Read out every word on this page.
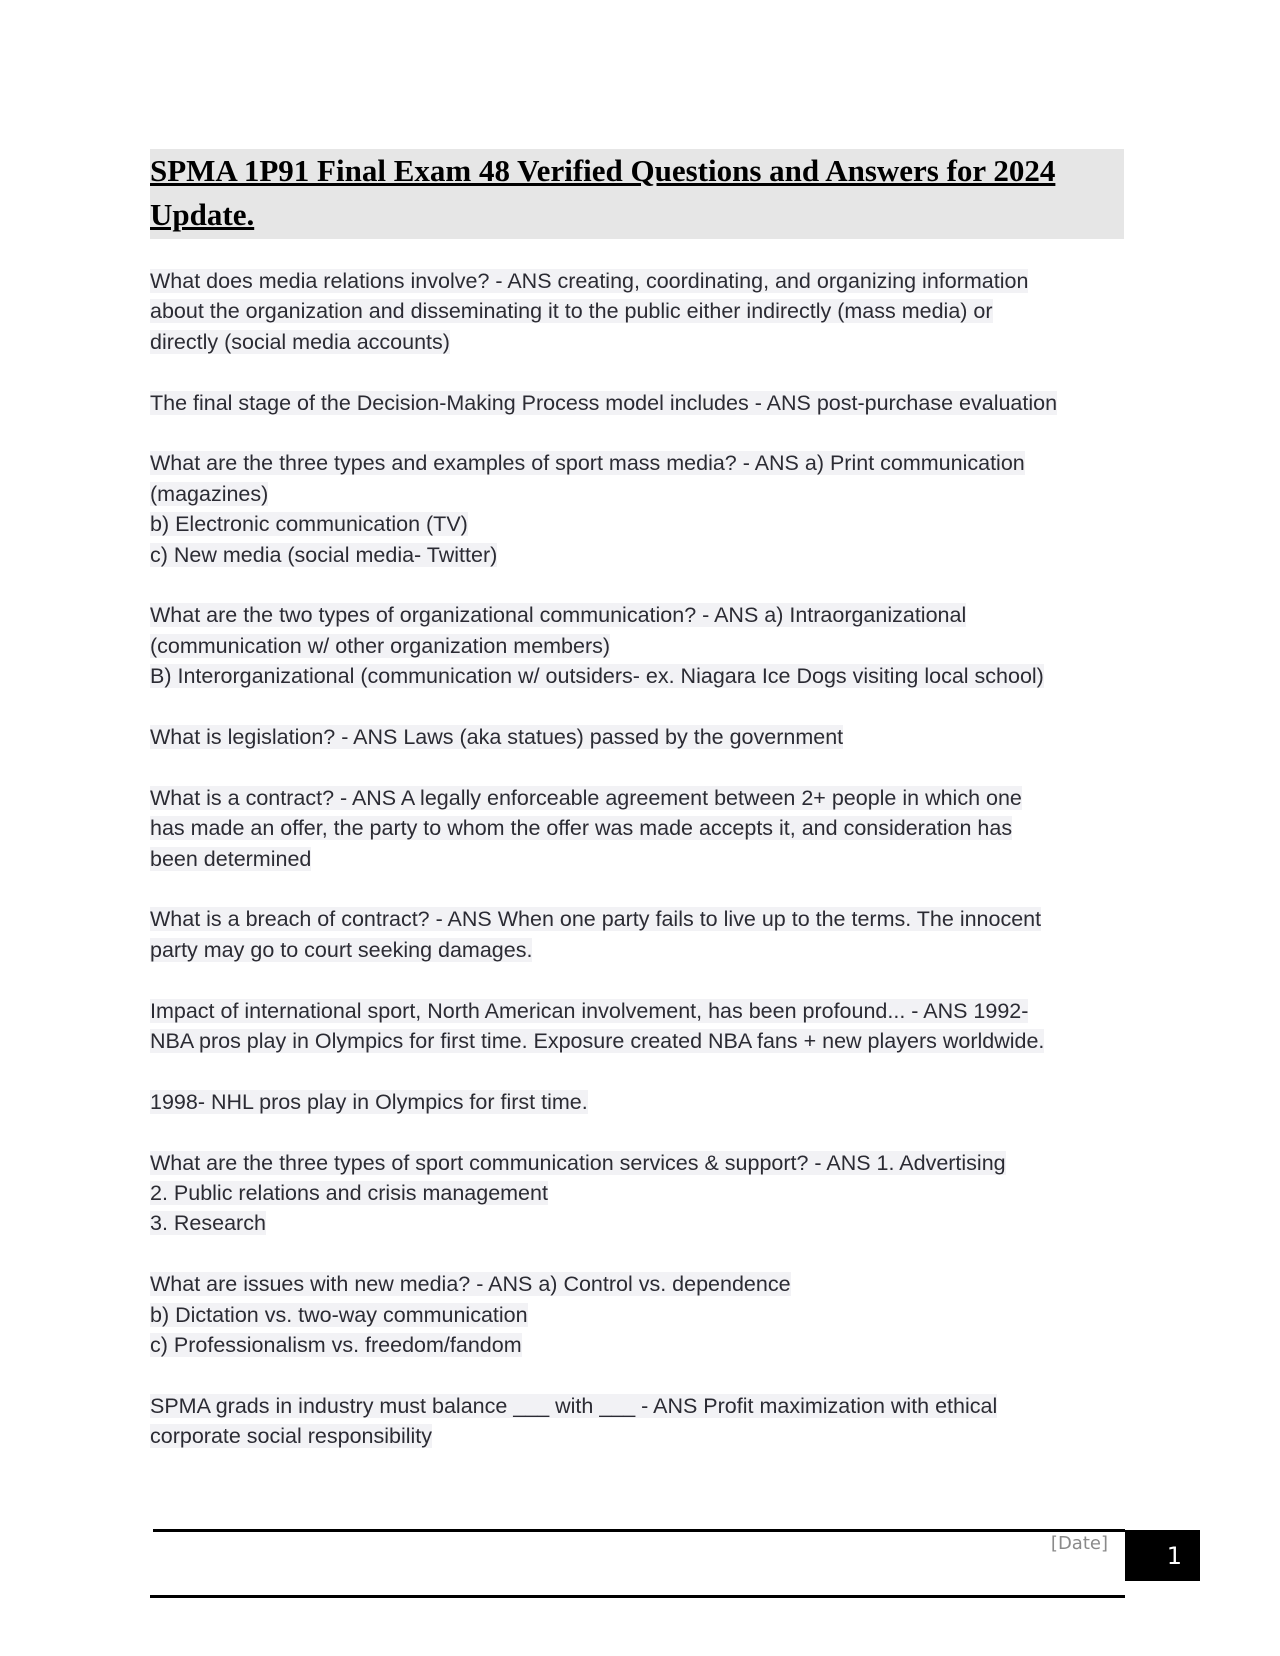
SPMA 1P91 Final Exam 48 Verified Questions and Answers for 2024 Update.
What does media relations involve? - ANS creating, coordinating, and organizing information
about the organization and disseminating it to the public either indirectly (mass media) or
directly (social media accounts)
The final stage of the Decision-Making Process model includes - ANS post-purchase evaluation
What are the three types and examples of sport mass media? - ANS a) Print communication
(magazines)
b) Electronic communication (TV)
c) New media (social media- Twitter)
What are the two types of organizational communication? - ANS a) Intraorganizational
(communication w/ other organization members)
B) Interorganizational (communication w/ outsiders- ex. Niagara Ice Dogs visiting local school)
What is legislation? - ANS Laws (aka statues) passed by the government
What is a contract? - ANS A legally enforceable agreement between 2+ people in which one
has made an offer, the party to whom the offer was made accepts it, and consideration has
been determined
What is a breach of contract? - ANS When one party fails to live up to the terms. The innocent
party may go to court seeking damages.
Impact of international sport, North American involvement, has been profound... - ANS 1992-
NBA pros play in Olympics for first time. Exposure created NBA fans + new players worldwide.
1998- NHL pros play in Olympics for first time.
What are the three types of sport communication services & support? - ANS 1. Advertising
2. Public relations and crisis management
3. Research
What are issues with new media? - ANS a) Control vs. dependence
b) Dictation vs. two-way communication
c) Professionalism vs. freedom/fandom
SPMA grads in industry must balance ___ with ___ - ANS Profit maximization with ethical
corporate social responsibility
[Date] 1
